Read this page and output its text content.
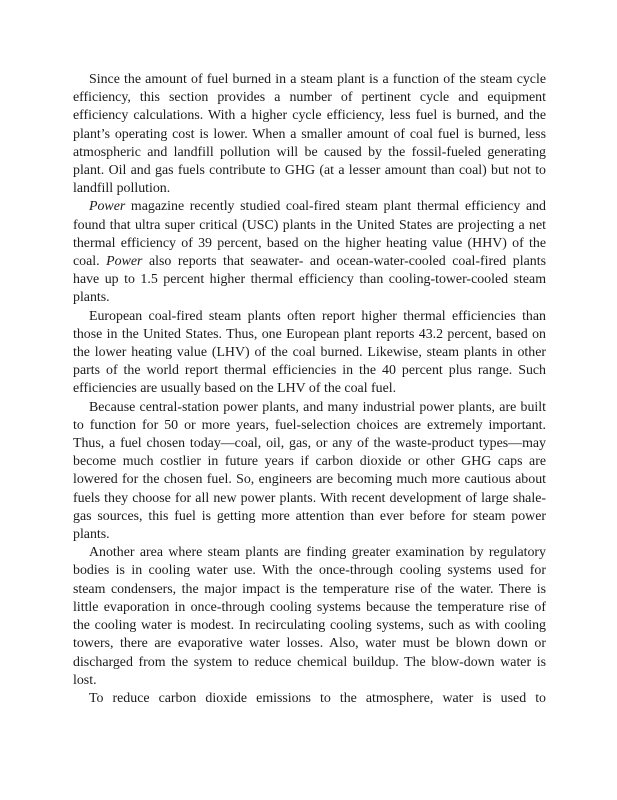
Since the amount of fuel burned in a steam plant is a function of the steam cycle efficiency, this section provides a number of pertinent cycle and equipment efficiency calculations. With a higher cycle efficiency, less fuel is burned, and the plant’s operating cost is lower. When a smaller amount of coal fuel is burned, less atmospheric and landfill pollution will be caused by the fossil-fueled generating plant. Oil and gas fuels contribute to GHG (at a lesser amount than coal) but not to landfill pollution.

Power magazine recently studied coal-fired steam plant thermal efficiency and found that ultra super critical (USC) plants in the United States are projecting a net thermal efficiency of 39 percent, based on the higher heating value (HHV) of the coal. Power also reports that seawater- and ocean-water-cooled coal-fired plants have up to 1.5 percent higher thermal efficiency than cooling-tower-cooled steam plants.

European coal-fired steam plants often report higher thermal efficiencies than those in the United States. Thus, one European plant reports 43.2 percent, based on the lower heating value (LHV) of the coal burned. Likewise, steam plants in other parts of the world report thermal efficiencies in the 40 percent plus range. Such efficiencies are usually based on the LHV of the coal fuel.

Because central-station power plants, and many industrial power plants, are built to function for 50 or more years, fuel-selection choices are extremely important. Thus, a fuel chosen today—coal, oil, gas, or any of the waste-product types—may become much costlier in future years if carbon dioxide or other GHG caps are lowered for the chosen fuel. So, engineers are becoming much more cautious about fuels they choose for all new power plants. With recent development of large shale-gas sources, this fuel is getting more attention than ever before for steam power plants.

Another area where steam plants are finding greater examination by regulatory bodies is in cooling water use. With the once-through cooling systems used for steam condensers, the major impact is the temperature rise of the water. There is little evaporation in once-through cooling systems because the temperature rise of the cooling water is modest. In recirculating cooling systems, such as with cooling towers, there are evaporative water losses. Also, water must be blown down or discharged from the system to reduce chemical buildup. The blow-down water is lost.

To reduce carbon dioxide emissions to the atmosphere, water is used to
